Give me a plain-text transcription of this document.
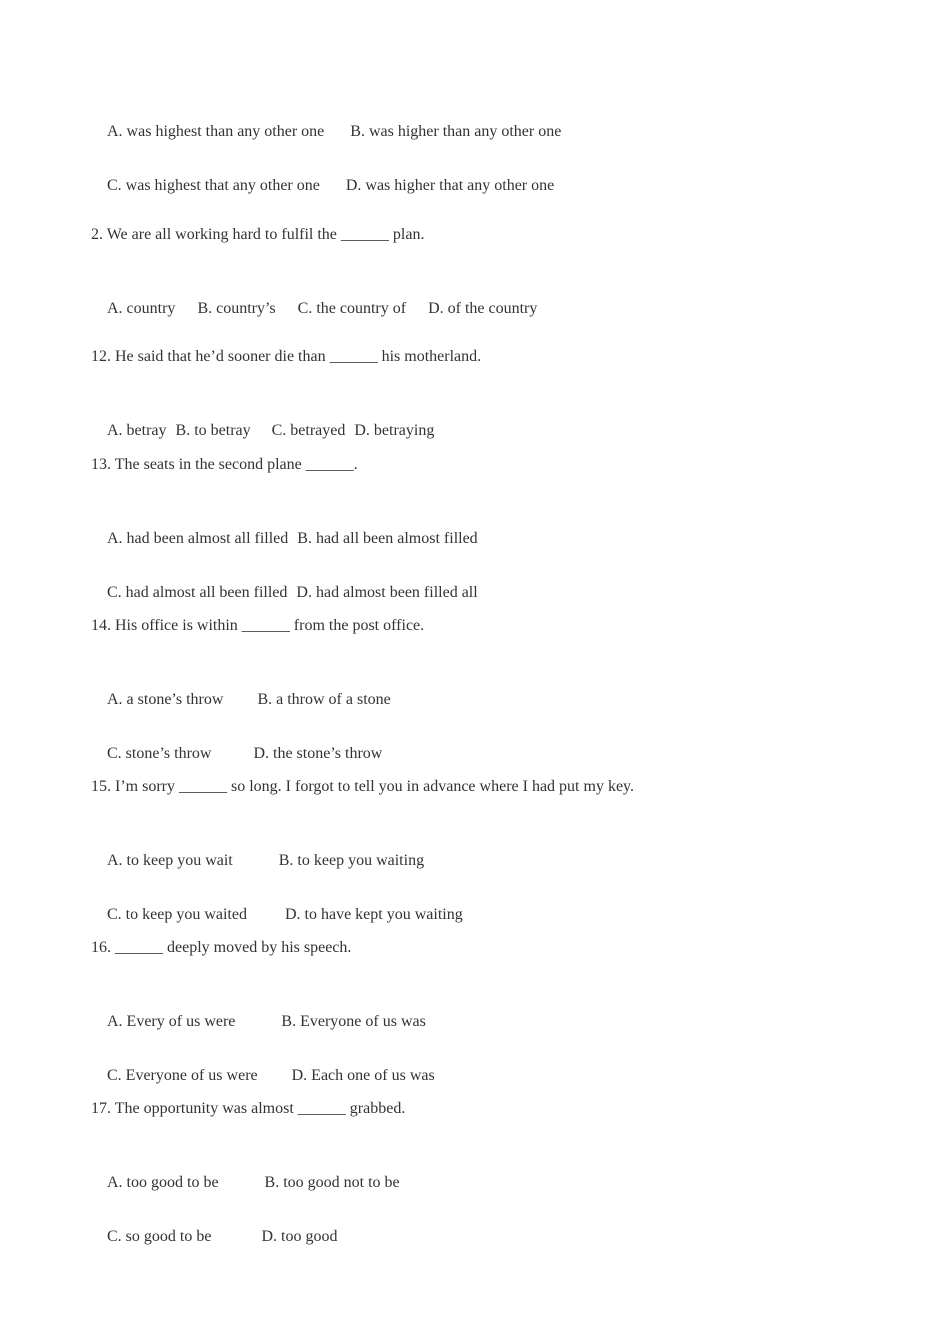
A. was highest than any other one B. was higher than any other one

C. was highest that any other one D. was higher that any other one

2. We are all working hard to fulfil the ______ plan.

A. country B. country’s C. the country of D. of the country

12. He said that he’d sooner die than ______ his motherland.

A. betray B. to betray C. betrayed D. betraying

13. The seats in the second plane ______.

A. had been almost all filled B. had all been almost filled

C. had almost all been filled D. had almost been filled all

14. His office is within ______ from the post office.

A. a stone’s throw B. a throw of a stone

C. stone’s throw	D. the stone’s throw

15. I’m sorry ______ so long. I forgot to tell you in advance where I had put my key.

A. to keep you wait	B. to keep you waiting

C. to keep you waited D. to have kept you waiting

16. ______ deeply moved by his speech.

A. Every of us were	B. Everyone of us was

C. Everyone of us were D. Each one of us was

17. The opportunity was almost ______ grabbed.

A. too good to be	B. too good not to be

C. so good to be	D. too good
